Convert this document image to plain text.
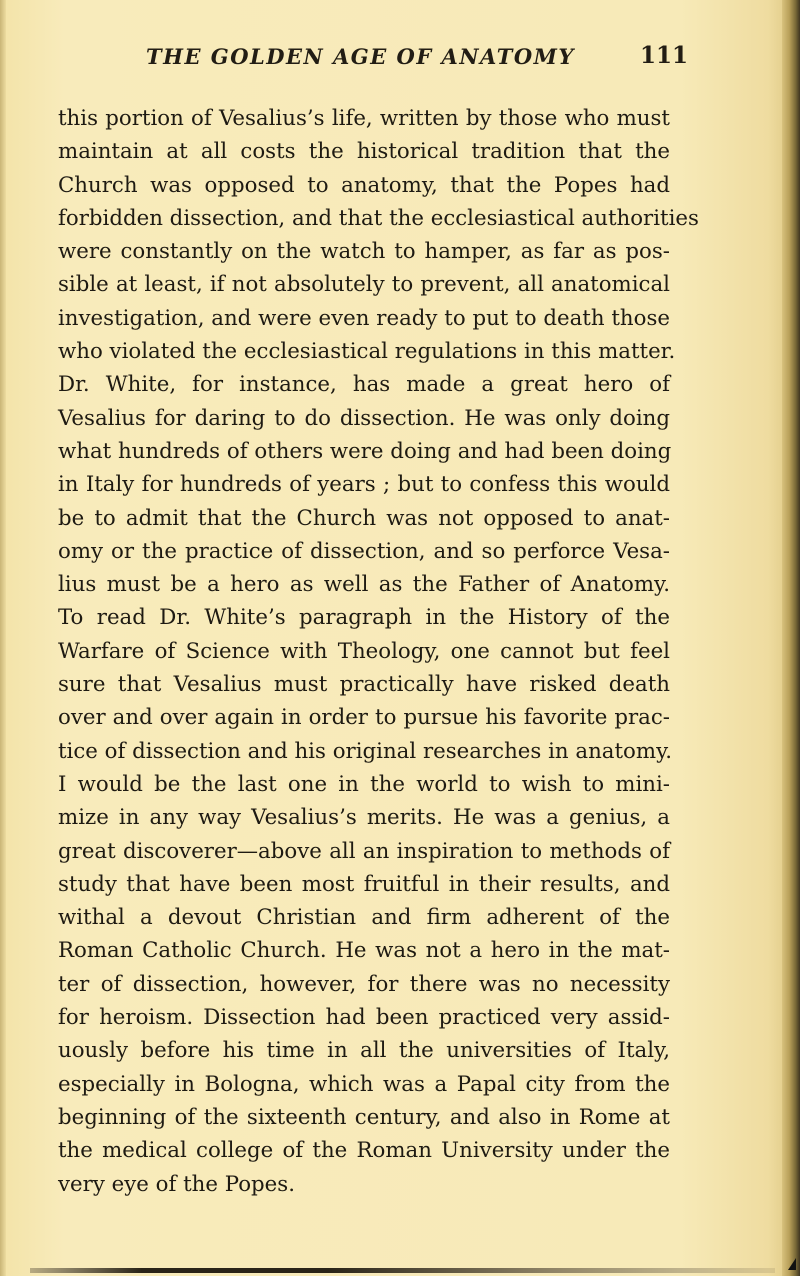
THE GOLDEN AGE OF ANATOMY	111
this portion of Vesalius’s life, written by those who must
maintain at all costs the historical tradition that the
Church was opposed to anatomy, that the Popes had
forbidden dissection, and that the ecclesiastical authorities
were constantly on the watch to hamper, as far as pos-
sible at least, if not absolutely to prevent, all anatomical
investigation, and were even ready to put to death those
who violated the ecclesiastical regulations in this matter.
Dr. White, for instance, has made a great hero of
Vesalius for daring to do dissection. He was only doing
what hundreds of others were doing and had been doing
in Italy for hundreds of years ; but to confess this would
be to admit that the Church was not opposed to anat-
omy or the practice of dissection, and so perforce Vesa-
lius must be a hero as well as the Father of Anatomy.
To read Dr. White’s paragraph in the History of the
Warfare of Science with Theology, one cannot but feel
sure that Vesalius must practically have risked death
over and over again in order to pursue his favorite prac-
tice of dissection and his original researches in anatomy.
I would be the last one in the world to wish to mini-
mize in any way Vesalius’s merits. He was a genius, a
great discoverer—above all an inspiration to methods of
study that have been most fruitful in their results, and
withal a devout Christian and firm adherent of the
Roman Catholic Church. He was not a hero in the mat-
ter of dissection, however, for there was no necessity
for heroism. Dissection had been practiced very assid-
uously before his time in all the universities of Italy,
especially in Bologna, which was a Papal city from the
beginning of the sixteenth century, and also in Rome at
the medical college of the Roman University under the
very eye of the Popes.
